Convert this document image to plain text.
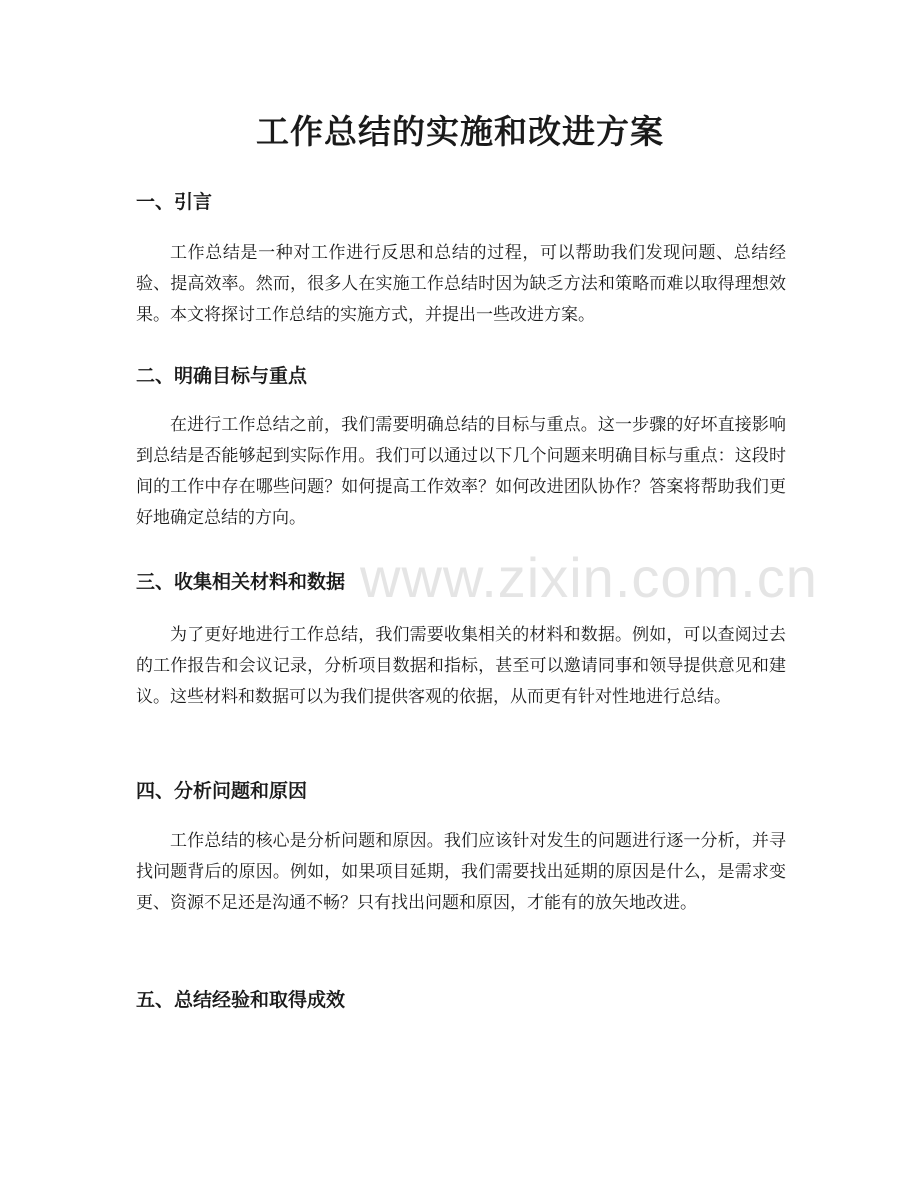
www.zixin.com.cn
工作总结的实施和改进方案
一、引言

工作总结是一种对工作进行反思和总结的过程，可以帮助我们发现问题、总结经验、提高效率。然而，很多人在实施工作总结时因为缺乏方法和策略而难以取得理想效果。本文将探讨工作总结的实施方式，并提出一些改进方案。

二、明确目标与重点

在进行工作总结之前，我们需要明确总结的目标与重点。这一步骤的好坏直接影响到总结是否能够起到实际作用。我们可以通过以下几个问题来明确目标与重点：这段时间的工作中存在哪些问题？如何提高工作效率？如何改进团队协作？答案将帮助我们更好地确定总结的方向。

三、收集相关材料和数据

为了更好地进行工作总结，我们需要收集相关的材料和数据。例如，可以查阅过去的工作报告和会议记录，分析项目数据和指标，甚至可以邀请同事和领导提供意见和建议。这些材料和数据可以为我们提供客观的依据，从而更有针对性地进行总结。

四、分析问题和原因

工作总结的核心是分析问题和原因。我们应该针对发生的问题进行逐一分析，并寻找问题背后的原因。例如，如果项目延期，我们需要找出延期的原因是什么，是需求变更、资源不足还是沟通不畅？只有找出问题和原因，才能有的放矢地改进。

五、总结经验和取得成效
